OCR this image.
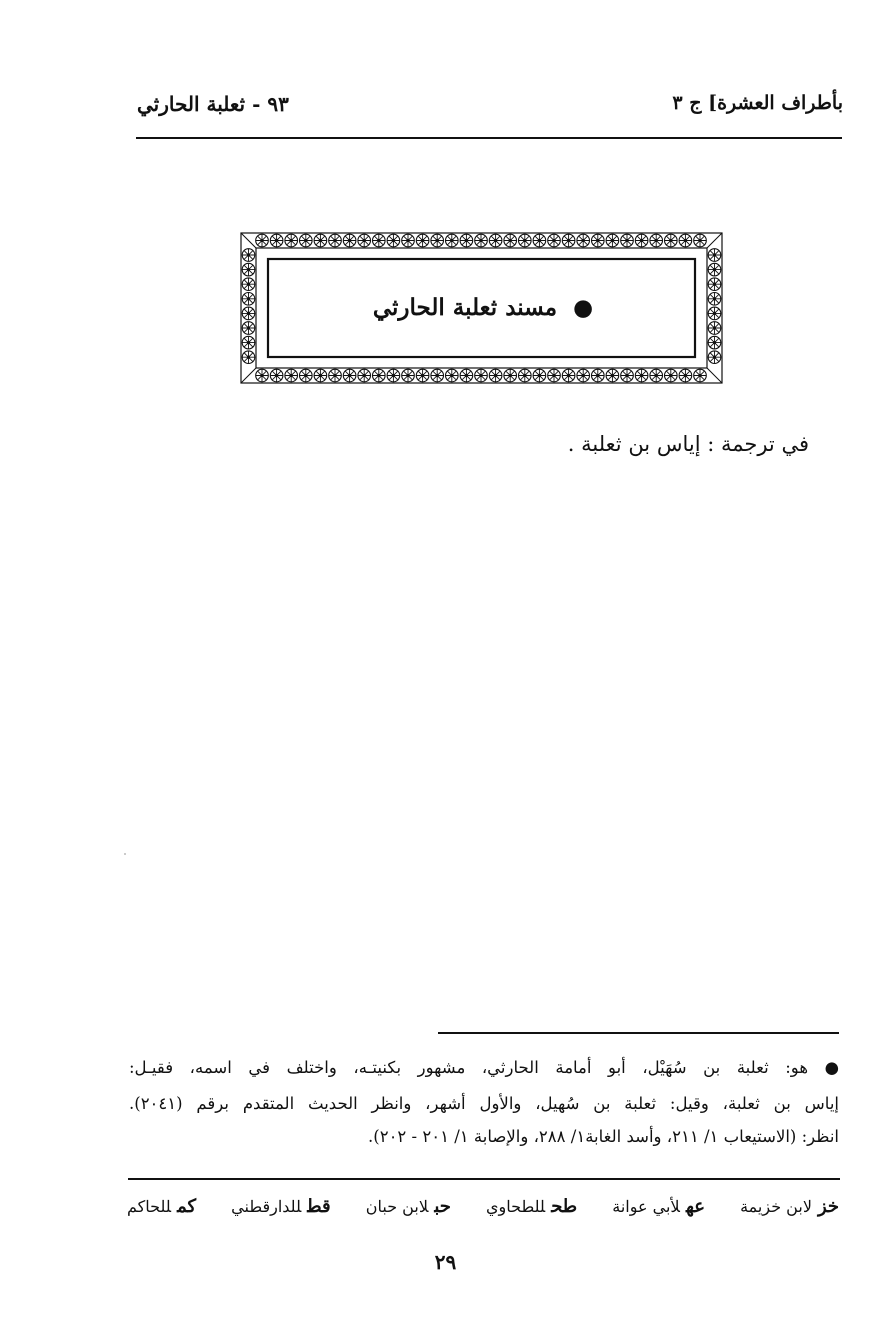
بأطراف العشرة] ج ٣
٩٣ - ثعلبة الحارثي
●  مسند ثعلبة الحارثي
في ترجمة : إياس بن ثعلبة .
● هو: ثعلبة بن سُهَيْل، أبو أمامة الحارثي، مشهور بكنيتـه، واختلف في اسمه، فقيـل:
إياس بن ثعلبة، وقيل: ثعلبة بن سُهيل، والأول أشهر، وانظر الحديث المتقدم برقم (٢٠٤١).
انظر: (الاستيعاب ١/ ٢١١، وأسد الغابة١/ ٢٨٨، والإصابة ١/ ٢٠١ - ٢٠٢).
خزلابن خزيمة
عهلأبي عوانة
طحللطحاوي
حبلابن حبان
قطللدارقطني
كمللحاكم
٢٩
